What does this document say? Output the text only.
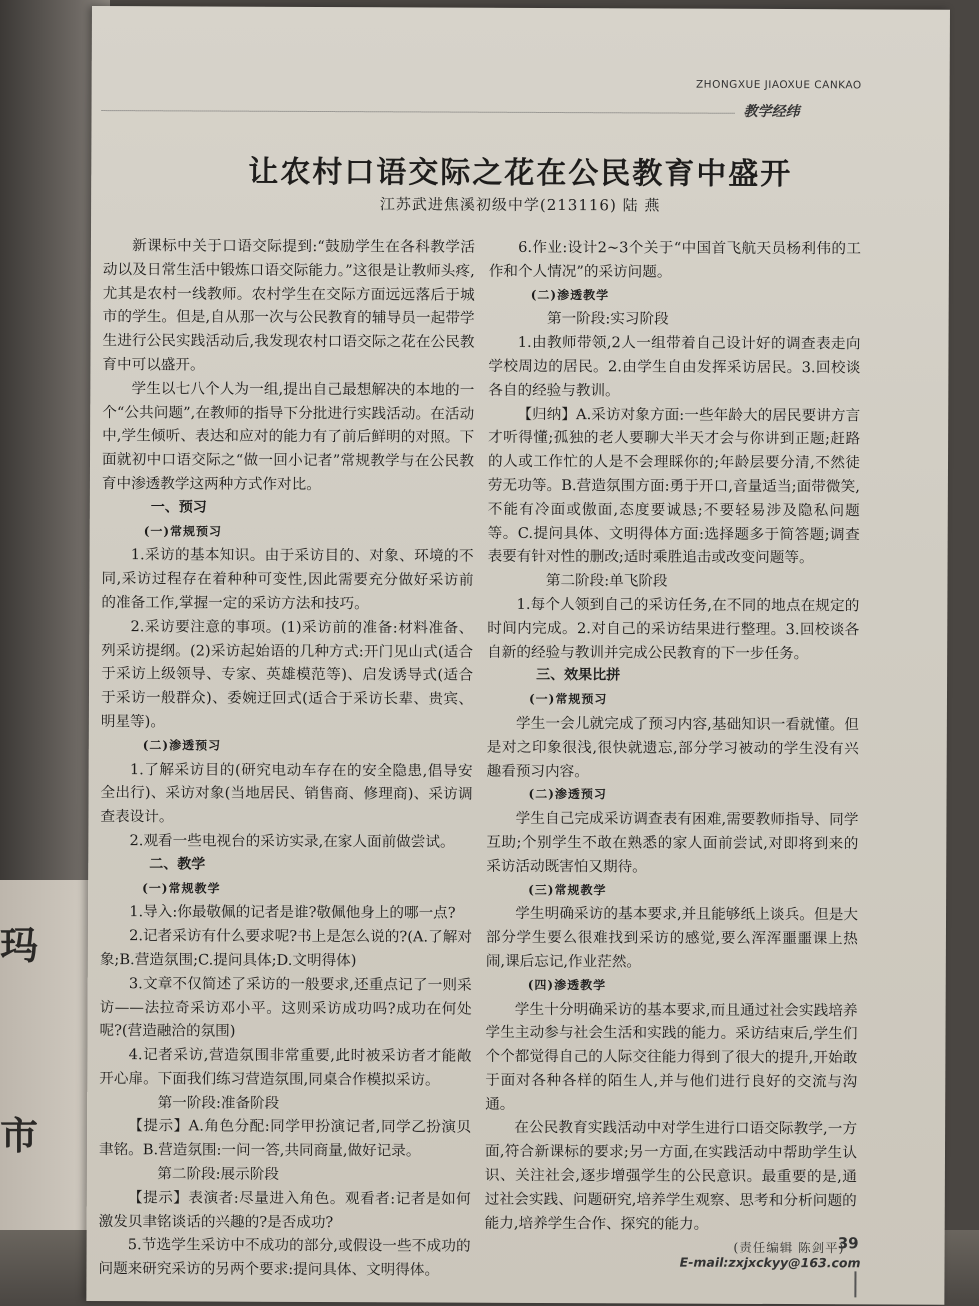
玛
市
ZHONGXUE JIAOXUE CANKAO
教学经纬
让农村口语交际之花在公民教育中盛开
江苏武进焦溪初级中学(213116) 陆 燕

新课标中关于口语交际提到:“鼓励学生在各科教学活动以及日常生活中锻炼口语交际能力。”这很是让教师头疼,尤其是农村一线教师。农村学生在交际方面远远落后于城市的学生。但是,自从那一次与公民教育的辅导员一起带学生进行公民实践活动后,我发现农村口语交际之花在公民教育中可以盛开。

学生以七八个人为一组,提出自己最想解决的本地的一个“公共问题”,在教师的指导下分批进行实践活动。在活动中,学生倾听、表达和应对的能力有了前后鲜明的对照。下面就初中口语交际之“做一回小记者”常规教学与在公民教育中渗透教学这两种方式作对比。

一、预习

(一)常规预习

1.采访的基本知识。由于采访目的、对象、环境的不同,采访过程存在着种种可变性,因此需要充分做好采访前的准备工作,掌握一定的采访方法和技巧。

2.采访要注意的事项。(1)采访前的准备:材料准备、列采访提纲。(2)采访起始语的几种方式:开门见山式(适合于采访上级领导、专家、英雄模范等)、启发诱导式(适合于采访一般群众)、委婉迂回式(适合于采访长辈、贵宾、明星等)。

(二)渗透预习

1.了解采访目的(研究电动车存在的安全隐患,倡导安全出行)、采访对象(当地居民、销售商、修理商)、采访调查表设计。

2.观看一些电视台的采访实录,在家人面前做尝试。

二、教学

(一)常规教学

1.导入:你最敬佩的记者是谁?敬佩他身上的哪一点?

2.记者采访有什么要求呢?书上是怎么说的?(A.了解对象;B.营造氛围;C.提问具体;D.文明得体)

3.文章不仅简述了采访的一般要求,还重点记了一则采访——法拉奇采访邓小平。这则采访成功吗?成功在何处呢?(营造融洽的氛围)

4.记者采访,营造氛围非常重要,此时被采访者才能敞开心扉。下面我们练习营造氛围,同桌合作模拟采访。

第一阶段:准备阶段

【提示】A.角色分配:同学甲扮演记者,同学乙扮演贝聿铭。B.营造氛围:一问一答,共同商量,做好记录。

第二阶段:展示阶段

【提示】表演者:尽量进入角色。观看者:记者是如何激发贝聿铭谈话的兴趣的?是否成功?

5.节选学生采访中不成功的部分,或假设一些不成功的问题来研究采访的另两个要求:提问具体、文明得体。

6.作业:设计2~3个关于“中国首飞航天员杨利伟的工作和个人情况”的采访问题。

(二)渗透教学

第一阶段:实习阶段

1.由教师带领,2人一组带着自己设计好的调查表走向学校周边的居民。2.由学生自由发挥采访居民。3.回校谈各自的经验与教训。

【归纳】A.采访对象方面:一些年龄大的居民要讲方言才听得懂;孤独的老人要聊大半天才会与你讲到正题;赶路的人或工作忙的人是不会理睬你的;年龄层要分清,不然徒劳无功等。B.营造氛围方面:勇于开口,音量适当;面带微笑,不能有冷面或傲面,态度要诚恳;不要轻易涉及隐私问题等。C.提问具体、文明得体方面:选择题多于简答题;调查表要有针对性的删改;适时乘胜追击或改变问题等。

第二阶段:单飞阶段

1.每个人领到自己的采访任务,在不同的地点在规定的时间内完成。2.对自己的采访结果进行整理。3.回校谈各自新的经验与教训并完成公民教育的下一步任务。

三、效果比拼

(一)常规预习

学生一会儿就完成了预习内容,基础知识一看就懂。但是对之印象很浅,很快就遗忘,部分学习被动的学生没有兴趣看预习内容。

(二)渗透预习

学生自己完成采访调查表有困难,需要教师指导、同学互助;个别学生不敢在熟悉的家人面前尝试,对即将到来的采访活动既害怕又期待。

(三)常规教学

学生明确采访的基本要求,并且能够纸上谈兵。但是大部分学生要么很难找到采访的感觉,要么浑浑噩噩课上热闹,课后忘记,作业茫然。

(四)渗透教学

学生十分明确采访的基本要求,而且通过社会实践培养学生主动参与社会生活和实践的能力。采访结束后,学生们个个都觉得自己的人际交往能力得到了很大的提升,开始敢于面对各种各样的陌生人,并与他们进行良好的交流与沟通。

在公民教育实践活动中对学生进行口语交际教学,一方面,符合新课标的要求;另一方面,在实践活动中帮助学生认识、关注社会,逐步增强学生的公民意识。最重要的是,通过社会实践、问题研究,培养学生观察、思考和分析问题的能力,培养学生合作、探究的能力。

(责任编辑 陈剑平)

39
E-mail:zxjxckyy@163.com
